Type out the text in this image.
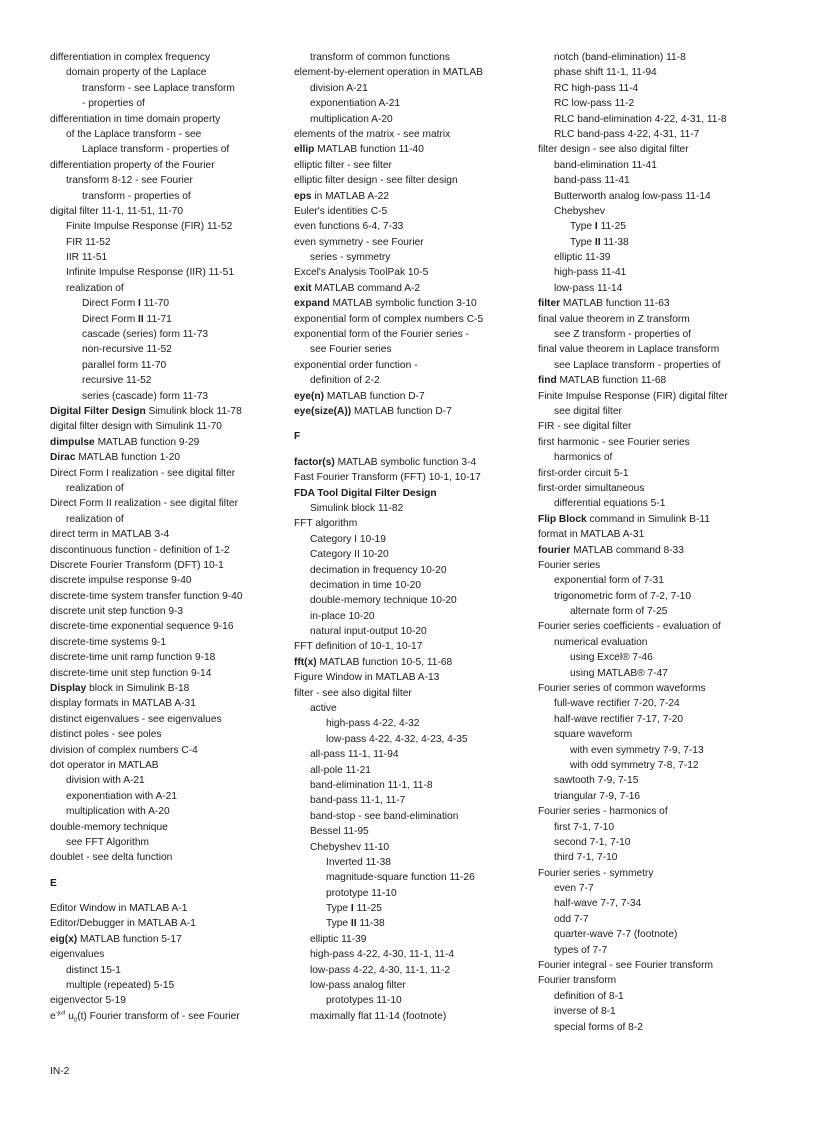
differentiation in complex frequency
domain property of the Laplace
transform - see Laplace transform
- properties of
differentiation in time domain property
of the Laplace transform - see
Laplace transform - properties of
differentiation property of the Fourier
transform 8-12 - see Fourier
transform - properties of
digital filter 11-1, 11-51, 11-70
Finite Impulse Response (FIR) 11-52
FIR 11-52
IIR 11-51
Infinite Impulse Response (IIR) 11-51
realization of
Direct Form I 11-70
Direct Form II 11-71
cascade (series) form 11-73
non-recursive 11-52
parallel form 11-70
recursive 11-52
series (cascade) form 11-73
Digital Filter Design Simulink block 11-78
digital filter design with Simulink 11-70
dimpulse MATLAB function 9-29
Dirac MATLAB function 1-20
Direct Form I realization - see digital filter
realization of
Direct Form II realization - see digital filter
realization of
direct term in MATLAB 3-4
discontinuous function - definition of 1-2
Discrete Fourier Transform (DFT) 10-1
discrete impulse response 9-40
discrete-time system transfer function 9-40
discrete unit step function 9-3
discrete-time exponential sequence 9-16
discrete-time systems 9-1
discrete-time unit ramp function 9-18
discrete-time unit step function 9-14
Display block in Simulink B-18
display formats in MATLAB A-31
distinct eigenvalues - see eigenvalues
distinct poles - see poles
division of complex numbers C-4
dot operator in MATLAB
division with A-21
exponentiation with A-21
multiplication with A-20
double-memory technique
see FFT Algorithm
doublet - see delta function
E
Editor Window in MATLAB A-1
Editor/Debugger in MATLAB A-1
eig(x) MATLAB function 5-17
eigenvalues
distinct 15-1
multiple (repeated) 5-15
eigenvector 5-19
$e^{-j\omega t}$ $u_0(t)$ Fourier transform of - see Fourier
transform of common functions
element-by-element operation in MATLAB
division A-21
exponentiation A-21
multiplication A-20
elements of the matrix - see matrix
ellip MATLAB function 11-40
elliptic filter - see filter
elliptic filter design - see filter design
eps in MATLAB A-22
Euler's identities C-5
even functions 6-4, 7-33
even symmetry - see Fourier
series - symmetry
Excel's Analysis ToolPak 10-5
exit MATLAB command A-2
expand MATLAB symbolic function 3-10
exponential form of complex numbers C-5
exponential form of the Fourier series -
see Fourier series
exponential order function -
definition of 2-2
eye(n) MATLAB function D-7
eye(size(A)) MATLAB function D-7
F
factor(s) MATLAB symbolic function 3-4
Fast Fourier Transform (FFT) 10-1, 10-17
FDA Tool Digital Filter Design
Simulink block 11-82
FFT algorithm
Category I 10-19
Category II 10-20
decimation in frequency 10-20
decimation in time 10-20
double-memory technique 10-20
in-place 10-20
natural input-output 10-20
FFT definition of 10-1, 10-17
fft(x) MATLAB function 10-5, 11-68
Figure Window in MATLAB A-13
filter - see also digital filter
active
high-pass 4-22, 4-32
low-pass 4-22, 4-32, 4-23, 4-35
all-pass 11-1, 11-94
all-pole 11-21
band-elimination 11-1, 11-8
band-pass 11-1, 11-7
band-stop - see band-elimination
Bessel 11-95
Chebyshev 11-10
Inverted 11-38
magnitude-square function 11-26
prototype 11-10
Type I 11-25
Type II 11-38
elliptic 11-39
high-pass 4-22, 4-30, 11-1, 11-4
low-pass 4-22, 4-30, 11-1, 11-2
low-pass analog filter
prototypes 11-10
maximally flat 11-14 (footnote)
notch (band-elimination) 11-8
phase shift 11-1, 11-94
RC high-pass 11-4
RC low-pass 11-2
RLC band-elimination 4-22, 4-31, 11-8
RLC band-pass 4-22, 4-31, 11-7
filter design - see also digital filter
band-elimination 11-41
band-pass 11-41
Butterworth analog low-pass 11-14
Chebyshev
Type I 11-25
Type II 11-38
elliptic 11-39
high-pass 11-41
low-pass 11-14
filter MATLAB function 11-63
final value theorem in Z transform
see Z transform - properties of
final value theorem in Laplace transform
see Laplace transform - properties of
find MATLAB function 11-68
Finite Impulse Response (FIR) digital filter
see digital filter
FIR - see digital filter
first harmonic - see Fourier series
harmonics of
first-order circuit 5-1
first-order simultaneous
differential equations 5-1
Flip Block command in Simulink B-11
format in MATLAB A-31
fourier MATLAB command 8-33
Fourier series
exponential form of 7-31
trigonometric form of 7-2, 7-10
alternate form of 7-25
Fourier series coefficients - evaluation of
numerical evaluation
using Excel® 7-46
using MATLAB® 7-47
Fourier series of common waveforms
full-wave rectifier 7-20, 7-24
half-wave rectifier 7-17, 7-20
square waveform
with even symmetry 7-9, 7-13
with odd symmetry 7-8, 7-12
sawtooth 7-9, 7-15
triangular 7-9, 7-16
Fourier series - harmonics of
first 7-1, 7-10
second 7-1, 7-10
third 7-1, 7-10
Fourier series - symmetry
even 7-7
half-wave 7-7, 7-34
odd 7-7
quarter-wave 7-7 (footnote)
types of 7-7
Fourier integral - see Fourier transform
Fourier transform
definition of 8-1
inverse of 8-1
special forms of 8-2
IN-2
